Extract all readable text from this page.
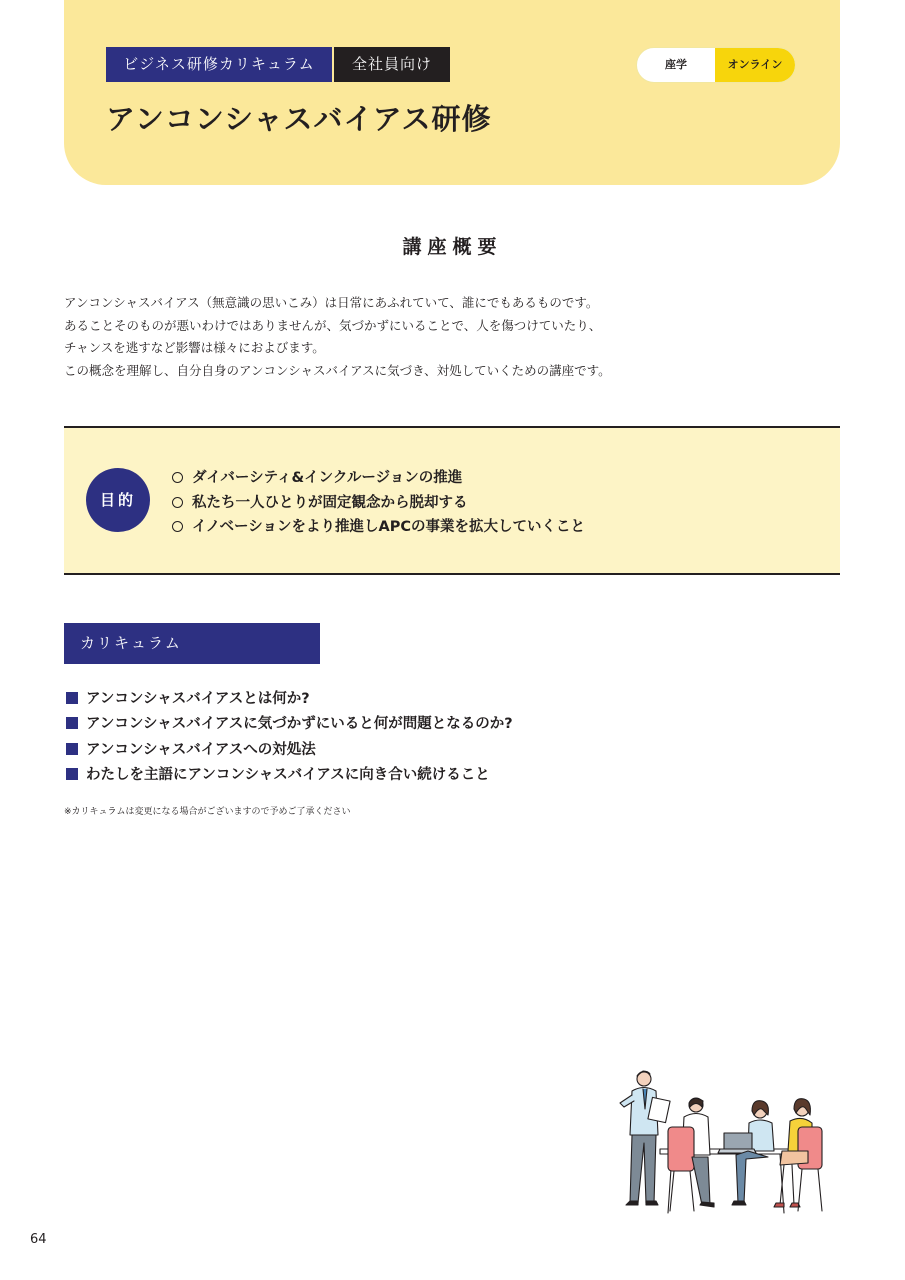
ビジネス研修カリキュラム	全社員向け	座学	オンライン
アンコンシャスバイアス研修
講座概要

アンコンシャスバイアス（無意識の思いこみ）は日常にあふれていて、誰にでもあるものです。

あることそのものが悪いわけではありませんが、気づかずにいることで、人を傷つけていたり、

チャンスを逃すなど影響は様々におよびます。

この概念を理解し、自分自身のアンコンシャスバイアスに気づき、対処していくための講座です。

目的
ダイバーシティ&インクルージョンの推進
私たち一人ひとりが固定観念から脱却する
イノベーションをより推進しAPCの事業を拡大していくこと
カリキュラム
アンコンシャスバイアスとは何か?
アンコンシャスバイアスに気づかずにいると何が問題となるのか?
アンコンシャスバイアスへの対処法
わたしを主語にアンコンシャスバイアスに向き合い続けること
※カリキュラムは変更になる場合がございますので予めご了承ください
64
